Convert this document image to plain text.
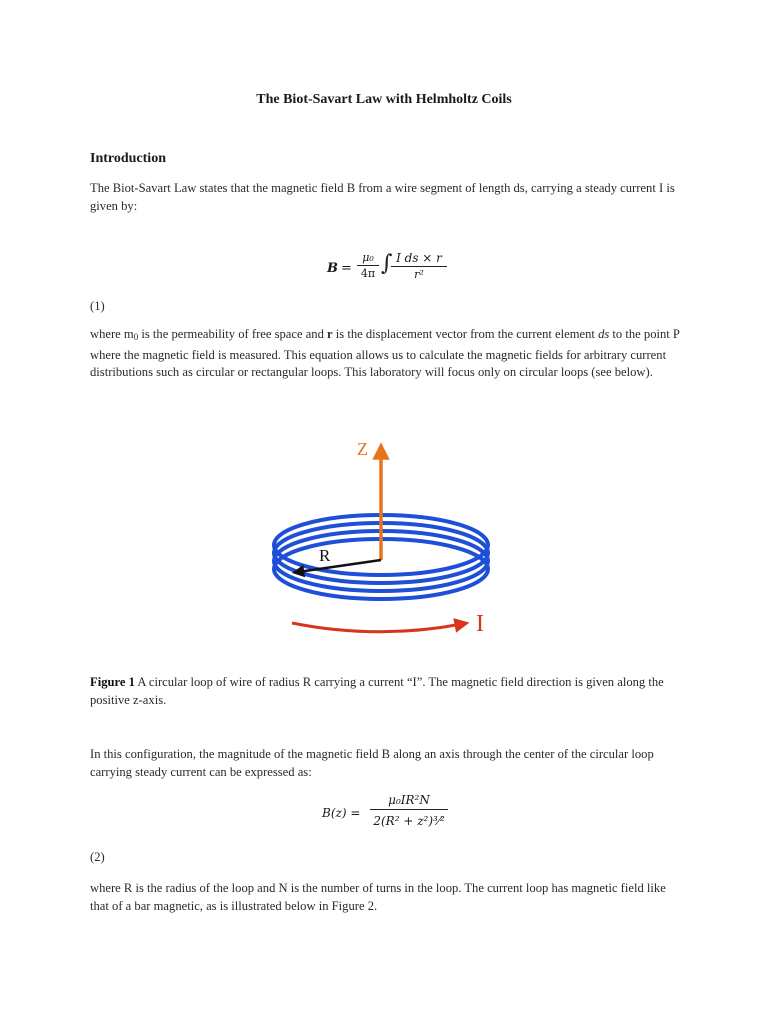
The Biot-Savart Law with Helmholtz Coils
Introduction
The Biot-Savart Law states that the magnetic field B from a wire segment of length ds, carrying a steady current I is given by:
$B = \frac{\text{μ₀}}{4\pi}$ ∫
$\frac{\text{I ds × r}}{\text{r²}}$
(1)
where $m_0$ is the permeability of free space and r is the displacement vector from the current element ds to the point P where the magnetic field is measured. This equation allows us to calculate the magnetic fields for arbitrary current distributions such as circular or rectangular loops. This laboratory will focus only on circular loops (see below).
Z
R
I
Figure 1 A circular loop of wire of radius R carrying a current “I”. The magnetic field direction is given along the positive z-axis.
In this configuration, the magnitude of the magnetic field B along an axis through the center of the circular loop carrying steady current can be expressed as:
$B(z) = \frac{\text{μ₀IR²N}}{\text{2(R² + z²)³⁄²}}$
(2)
where R is the radius of the loop and N is the number of turns in the loop. The current loop has magnetic field like that of a bar magnetic, as is illustrated below in Figure 2.
